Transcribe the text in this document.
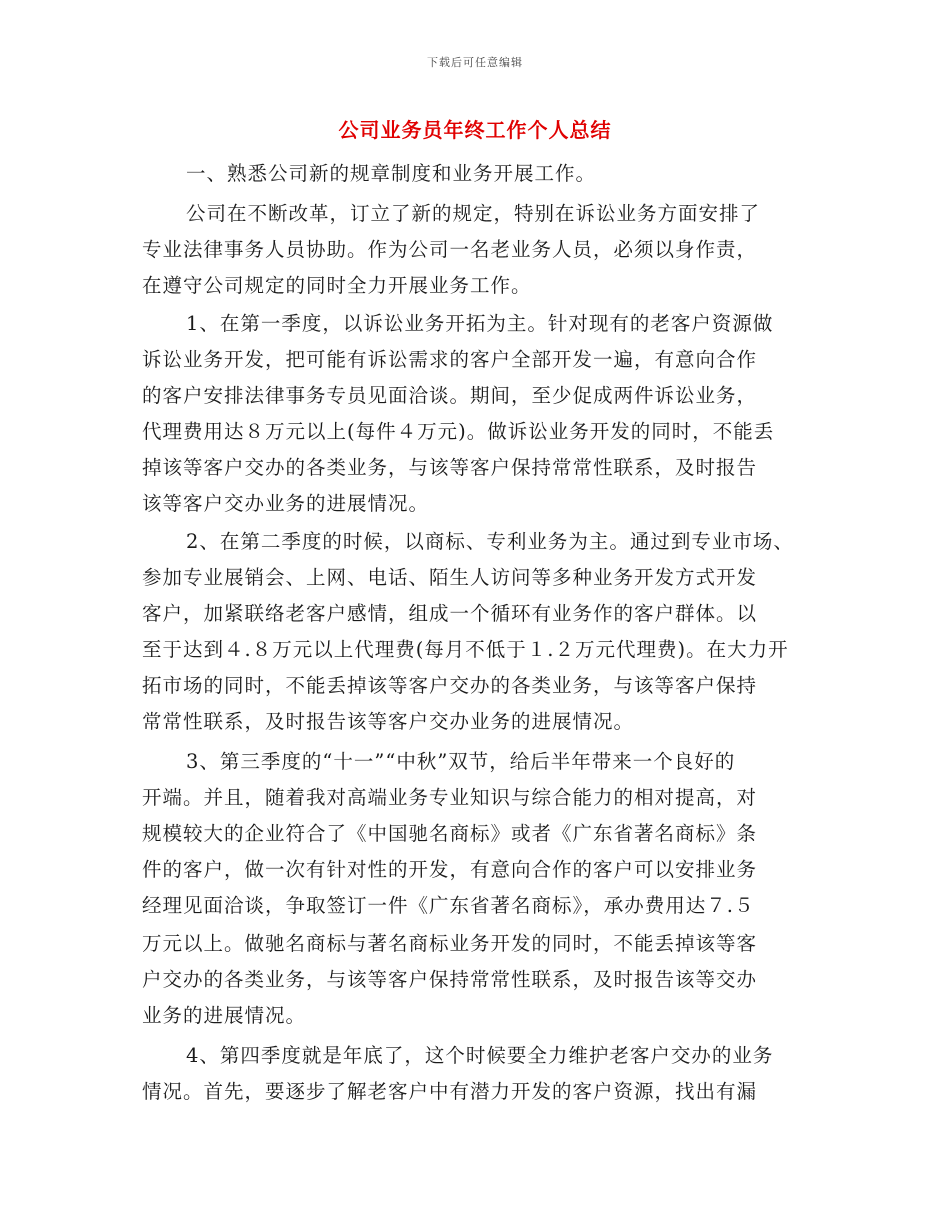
下载后可任意编辑
公司业务员年终工作个人总结
一、熟悉公司新的规章制度和业务开展工作。
公司在不断改革，订立了新的规定，特别在诉讼业务方面安排了
专业法律事务人员协助。作为公司一名老业务人员，必须以身作责，
在遵守公司规定的同时全力开展业务工作。
1、在第一季度，以诉讼业务开拓为主。针对现有的老客户资源做
诉讼业务开发，把可能有诉讼需求的客户全部开发一遍，有意向合作
的客户安排法律事务专员见面洽谈。期间，至少促成两件诉讼业务，
代理费用达８万元以上(每件４万元)。做诉讼业务开发的同时，不能丢
掉该等客户交办的各类业务，与该等客户保持常常性联系，及时报告
该等客户交办业务的进展情况。
2、在第二季度的时候，以商标、专利业务为主。通过到专业市场、
参加专业展销会、上网、电话、陌生人访问等多种业务开发方式开发
客户，加紧联络老客户感情，组成一个循环有业务作的客户群体。以
至于达到４.８万元以上代理费(每月不低于１.２万元代理费)。在大力开
拓市场的同时，不能丢掉该等客户交办的各类业务，与该等客户保持
常常性联系，及时报告该等客户交办业务的进展情况。
3、第三季度的“十一”“中秋”双节，给后半年带来一个良好的
开端。并且，随着我对高端业务专业知识与综合能力的相对提高，对
规模较大的企业符合了《中国驰名商标》或者《广东省著名商标》条
件的客户，做一次有针对性的开发，有意向合作的客户可以安排业务
经理见面洽谈，争取签订一件《广东省著名商标》，承办费用达７.５
万元以上。做驰名商标与著名商标业务开发的同时，不能丢掉该等客
户交办的各类业务，与该等客户保持常常性联系，及时报告该等交办
业务的进展情况。
4、第四季度就是年底了，这个时候要全力维护老客户交办的业务
情况。首先，要逐步了解老客户中有潜力开发的客户资源，找出有漏
